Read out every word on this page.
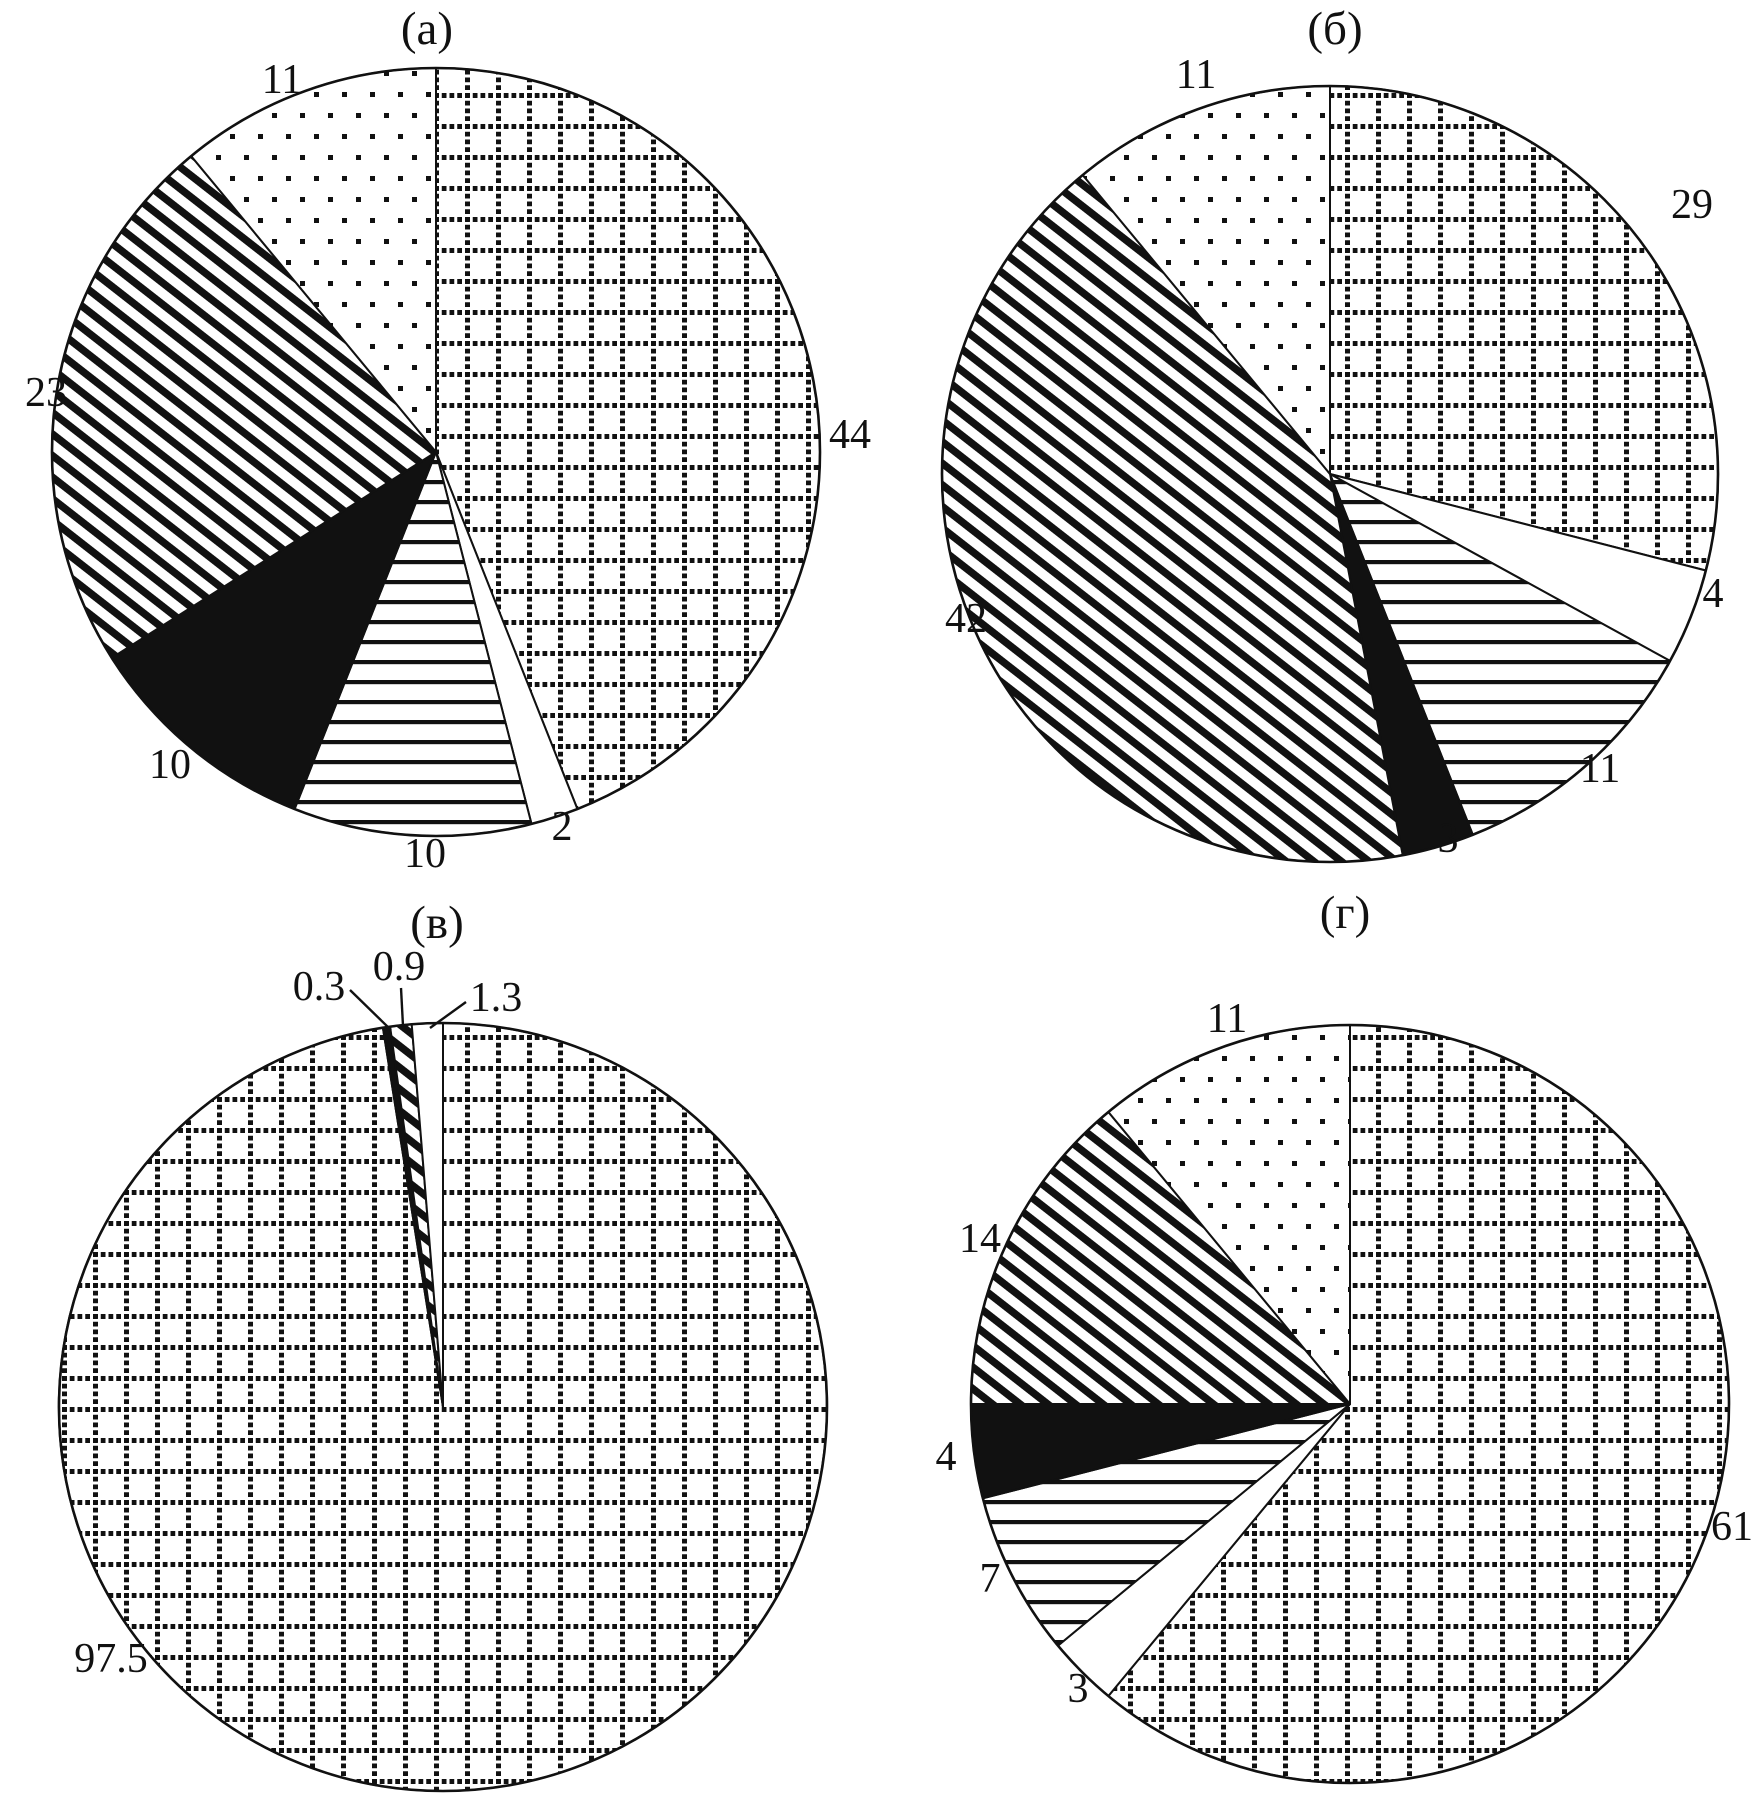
44
2
10
10
23
11
(а)
29
4
11
3
42
11
(б)
97.5
0.3 0.9
1.3
(в)
61
3
7
4
14
11
(г)
